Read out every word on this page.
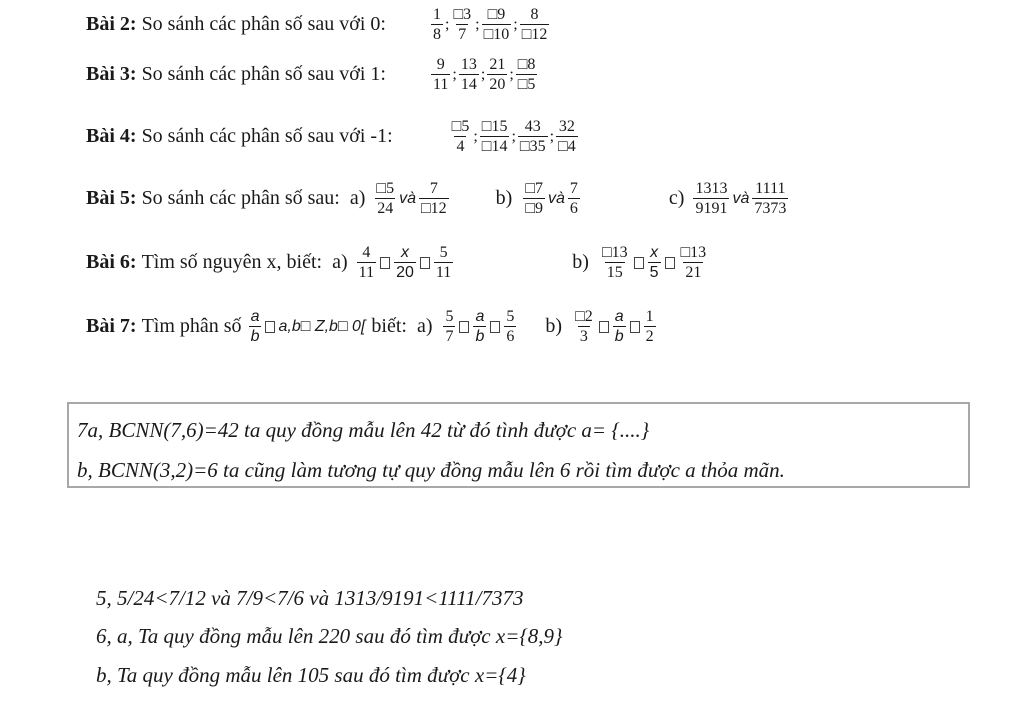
Bài 2: So sánh các phân số sau với 0:	$\frac{1}{8}$ ; $\frac{□3}{7}$ ; $\frac{□9}{□10}$ ; $\frac{8}{□12}$
Bài 3: So sánh các phân số sau với 1:	$\frac{9}{11}$ ; $\frac{13}{14}$ ; $\frac{21}{20}$ ; $\frac{□8}{□5}$
Bài 4: So sánh các phân số sau với -1:	$\frac{□5}{4}$ ; $\frac{□15}{□14}$ ; $\frac{43}{□35}$ ; $\frac{32}{□4}$
Bài 5: So sánh các phân số sau: $a) \frac{□5}{24}$ và $\frac{7}{□12} b) \frac{□7}{□9}$ và $\frac{7}{6}$	$c) \frac{1313}{9191}$ và $\frac{1111}{7373}$
Bài 6: Tìm số nguyên x, biết: $a) \frac{4}{11} \frac{x}{20} \frac{5}{11}$	$b) \frac{□13}{15} \frac{x}{5} \frac{□13}{21}$
Bài 7: Tìm phân số $\frac{a}{b}$ a,b□ Z,b□ 0[ biết: $a) \frac{5}{7} \frac{a}{b} \frac{5}{6} b) \frac{□2}{3} \frac{a}{b} \frac{1}{2}$
7a, BCNN(7,6)=42 ta quy đồng mẫu lên 42 từ đó tình được a= {....}
b, BCNN(3,2)=6 ta cũng làm tương tự quy đồng mẫu lên 6 rồi tìm được a thỏa mãn.
5, 5/24<7/12 và 7/9<7/6 và 1313/9191<1111/7373
6, a, Ta quy đồng mẫu lên 220 sau đó tìm được x={8,9}
b, Ta quy đồng mẫu lên 105 sau đó tìm được x={4}
